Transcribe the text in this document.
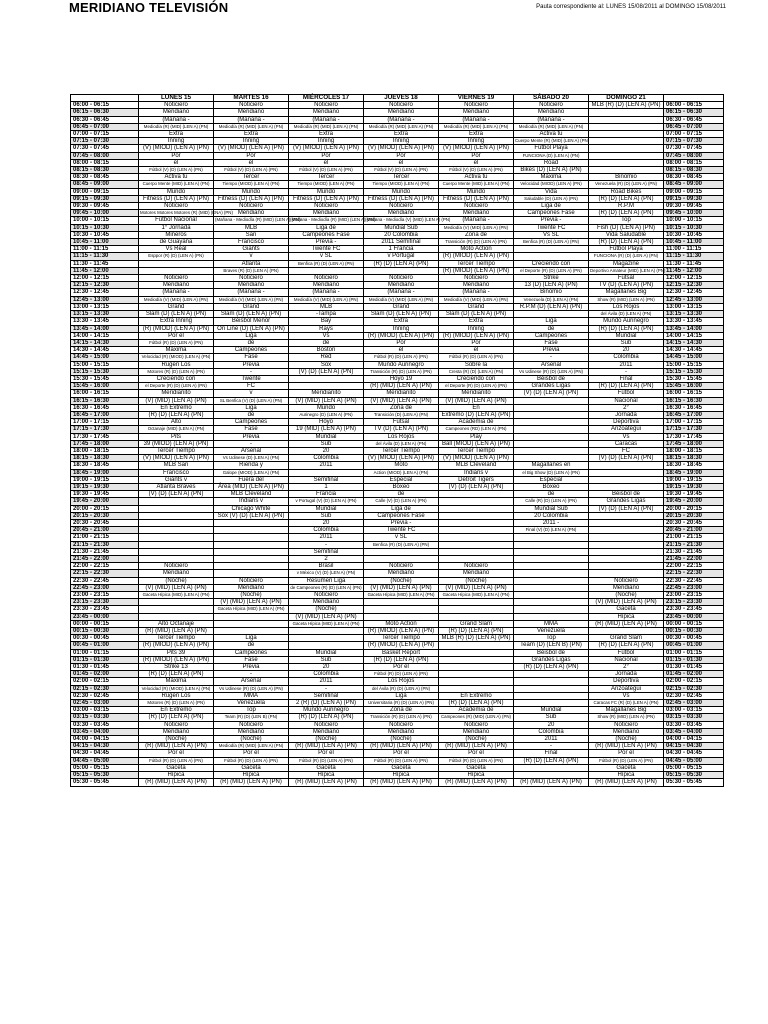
MERIDIANO TELEVISIÓN	Pauta correspondiente al: LUNES 15/08/2011 al DOMINGO 15/08/2011
	LUNES 15	MARTES 16	MIÉRCOLES 17	JUEVES 18	VIERNES 19	SÁBADO 20	DOMINGO 21	
06:00 - 06:15	Noticiero	Noticiero	Noticiero	Noticiero	Noticiero	Noticiero	MLB (R) (D) (LEN A) (PN)	06:00 - 06:15
06:15 - 06:30	Meridiano	Meridiano	Meridiano	Meridiano	Meridiano	Meridiano		06:15 - 06:30
06:30 - 06:45	(Mañana -	(Mañana -	(Mañana -	(Mañana -	(Mañana -	(Mañana -		06:30 - 06:45
06:45 - 07:00	Mediodía (R) (MID) (LEN A) (PN)	Mediodía (R) (MID) (LEN A) (PN)	Mediodía (R) (MID) (LEN A) (PN)	Mediodía (R) (MID) (LEN A) (PN)	Mediodía (R) (MID) (LEN A) (PN)	Mediodía (R) (MID) (LEN A) (PN)		06:45 - 07:00
07:00 - 07:15	Extra	Extra	Extra	Extra	Extra	Activa tu		07:00 - 07:15
07:15 - 07:30	Inning	Inning	Inning	Inning	Inning	Cuerpo Mente (R) (MID) (LEN A) (PN)		07:15 - 07:30
07:30 - 07:45	(V) (MIOD) (LEN A) (PN)	(V) (MIOD) (LEN A) (PN)	(V) (MIOD) (LEN A) (PN)	(V) (MIOD) (LEN A) (PN)	(V) (MIOD) (LEN A) (PN)	Fútbol Playa		07:30 - 07:45
07:45 - 08:00	Por	Por	Por	Por	Por	FUNCIONA (D) (LEN A) (PN)		07:45 - 08:00
08:00 - 08:15	el	el	el	el	el	Road		08:00 - 08:15
08:15 - 08:30	Fútbol (V) (D) (LEN A) (PN)	Fútbol (V) (D) (LEN A) (PN)	Fútbol (V) (D) (LEN A) (PN)	Fútbol (V) (D) (LEN A) (PN)	Fútbol (V) (D) (LEN A) (PN)	Bikes (D) (LEN A) (PN)		08:15 - 08:30
08:30 - 08:45	Activa tu	Tercer	Tercer	Tercer	Activa tu	Máxima	Binomio	08:30 - 08:45
08:45 - 09:00	Cuerpo Mente (MID) (LEN A) (PN)	Tiempo (MIOD) (LEN A) (PN)	Tiempo (MIOD) (LEN A) (PN)	Tiempo (MIOD) (LEN A) (PN)	Cuerpo Mente (MID) (LEN A) (PN)	Velocidad (MIOD) (LEN A) (PN)	Venezuela (R) (D) (LEN A) (PN)	08:45 - 09:00
09:00 - 09:15	Mundo	Mundo	Mundo	Mundo	Mundo	Vida	Road Bikes	09:00 - 09:15
09:15 - 09:30	Fitness (D) (LEN A) (PN)	Fitness (D) (LEN A) (PN)	Fitness (D) (LEN A) (PN)	Fitness (D) (LEN A) (PN)	Fitness (D) (LEN A) (PN)	Saludable (D) (LEN A) (PN)	(R) (D) (LEN A) (PN)	09:15 - 09:30
09:30 - 09:45	Noticiero	Noticiero	Noticiero	Noticiero	Noticiero	Liga de	R.P.M	09:30 - 09:45
09:45 - 10:00	Motores Motores Motores (R) (MID) (ENA) (PN)	Meridiano	Meridiano	Meridiano	Meridiano	Campeones Fase	(R) (D) (LEN A) (PN)	09:45 - 10:00
10:00 - 10:15	Fútbol Nacional	(Mañana - Mediodía (R) (MID) (LEN A) (PN)	(Mañana - Mediodía (R) (MID) (LEN A) (PN)	(Mañana - Mediodía (V) (MID) (LEN A) (PN)	(Mañana -	Previa -	Top	10:00 - 10:15
10:15 - 10:30	1° Jornada	MLB	Liga de	Mundial Sub	Mediodía (V) (MID) (LEN A) (PN)	Twente FC	Fish (D) (LEN A) (PN)	10:15 - 10:30
10:30 - 10:45	Mineros	San	Campeones Fase	20 Colombia	Zona de	Vs SL	Vida Saludable	10:30 - 10:45
10:45 - 11:00	de Guayana	Francisco	Previa -	2011 Semifinal	Transición (R) (D) (LEN A) (PN)	Benfica (R) (D) (LEN A) (PN)	(R) (D) (LEN A) (PN)	10:45 - 11:00
11:00 - 11:15	Vs Real	Giants	Twente FC	1 Francia	Moto Action		Fútbol Playa	11:00 - 11:15
11:15 - 11:30	Esppor (R) (D) (LEN A) (PN)	v	v SL	v Portugal	(R) (MIOD) (LEN A) (PN)		FUNCIONA (R) (D) (LEN A) (PN)	11:15 - 11:30
11:30 - 11:45		Atlanta	Benfica (R) (D) (LEN A) (PN)	(R) (D) (LEN A) (PN)	Tercer Tiempo	Creciendo con	Magazine	11:30 - 11:45
11:45 - 12:00		Braves (R) (D) (LEN A) (PN)			(R) (MIOD) (LEN A) (PN)	el Deporte (R) (D) (LEN A) (PN)	Deportivo Amateur (MID) (LEN A) (PN)	11:45 - 12:00
12:00 - 12:15	Noticiero	Noticiero	Noticiero	Noticiero	Noticiero	Strike	Futsal	12:00 - 12:15
12:15 - 12:30	Meridiano	Meridiano	Meridiano	Meridiano	Meridiano	13 (D) (LEN A) (PN)	TV (D) (LEN A) (PN)	12:15 - 12:30
12:30 - 12:45	(Mañana -	(Mañana -	(Mañana -	(Mañana -	(Mañana -	Binomio	Magallanes Big	12:30 - 12:45
12:45 - 13:00	Mediodía (V) (MID) (LEN A) (PN)	Mediodía (V) (MID) (LEN A) (PN)	Mediodía (V) (MID) (LEN A) (PN)	Mediodía (V) (MID) (LEN A) (PN)	Mediodía (V) (MID) (LEN A) (PN)	Venezuela (D) (LEN A) (PN)	Show (R) (MID) (LEN A) (PN)	12:45 - 13:00
13:00 - 13:15	Grand	Grand	MLB	Grand	Grand	R.P.M (D) (LEN A) (PN)	Los Rojos	13:00 - 13:15
13:15 - 13:30	Slam (D) (LEN A) (PN)	Slam (D) (LEN A) (PN)	-Tampa	Slam (D) (LEN A) (PN)	Slam (D) (LEN A) (PN)		del Ávila (D) (LEN A) (PN)	13:15 - 13:30
13:30 - 13:45	Extra Inning	Béisbol Menor	Bay	Extra	Extra	Liga	Mundo Aurinegro	13:30 - 13:45
13:45 - 14:00	(R) (MIOD) (LEN A) (PN)	On Line (D) (LEN A) (PN)	Rays	Inning	Inning	de	(R) (D) (LEN A) (PN)	13:45 - 14:00
14:00 - 14:15	Por el	Liga	Vs	(R) (MIOD) (LEN A) (PN)	(R) (MIOD) (LEN A) (PN)	Campeones	Mundial	14:00 - 14:15
14:15 - 14:30	Fútbol (R) (D) (LEN A) (PN)	de	de	Por	Por	Fase	Sub	14:15 - 14:30
14:30 - 14:45	Máxima	Campeones	Boston	el	el	Previa	20	14:30 - 14:45
14:45 - 15:00	Velocidad (R) (MIOD) (LEN A) (PN)	Fase	Red	Fútbol (R) (D) (LEN A) (PN)	Fútbol (R) (D) (LEN A) (PN)	-	Colombia	14:45 - 15:00
15:00 - 15:15	Rugen Los	Previa	Sox	Mundo Aurinegro	Sobre la	Arsenal	2011	15:00 - 15:15
15:15 - 15:30	Motores (R) (D) (LEN A) (PN)	-	(V) (D) (LEN A) (PN)	Transición (R) (D) (LEN A) (PN)	Cresta (R) (D) (LEN A) (PN)	Vs Udinese (R) (D) (LEN A) (PN)	-	15:15 - 15:30
15:30 - 15:45	Creciendo con	Twente		Hoyo 19	Creciendo con	Béisbol de	Final	15:30 - 15:45
15:45 - 16:00	el Deporte (R) (D) (LEN A) (PN)	FC		(R) (MID) (LEN A) (PN)	el Deporte (R) (D) (LEN A) (PN)	Grandes Ligas	(R) (D) (LEN A) (PN)	15:45 - 16:00
16:00 - 16:15	Meridianito	v	Meridianito	Meridianito	Meridianito	(V) (D) (LEN A) (PN)	Fútbol	16:00 - 16:15
16:15 - 16:30	(V) (MID) (LEN A) (PN)	SL Benfica (V) (D) (LEN A) (PN)	(V) (MID) (LEN A) (PN)	(V) (MID) (LEN A) (PN)	(V) (MID) (LEN A) (PN)		Nacional	16:15 - 16:30
16:30 - 16:45	En Extremo	Liga	Mundo	Zona de	En		2°	16:30 - 16:45
16:45 - 17:00	(R) (D) (LEN A) (PN)	de	Aurinegro (D) (LEN A) (PN)	Transición (D) (LEN A) (PN)	Extremo (D) (LEN A) (PN)		Jornada	16:45 - 17:00
17:00 - 17:15	Alto	Campeones	Hoyo	Futsal	Academia de		Deportiva	17:00 - 17:15
17:15 - 17:30	Octanaje (MID) (LEN A) (PN)	Fase	19 (MID) (LEN A) (PN)	TV (D) (LEN A) (PN)	Campeones (RD) (LEN A) (PN)		Anzoátegui	17:15 - 17:30
17:30 - 17:45	Pits	Previa	Mundial	Los Rojos	Play		Vs	17:30 - 17:45
17:45 - 18:00	39 (MIOD) (LEN A) (PN)	-	Sub	del Ávila (D) (LEN A) (PN)	Ball (MIOD) (LEN A) (PN)		Caracas	17:45 - 18:00
18:00 - 18:15	Tercer Tiempo	Arsenal	20	Tercer Tiempo	Tercer Tiempo		FC	18:00 - 18:15
18:15 - 18:30	(V) (MIOD) (LEN A) (PN)	Vs Udinese (D) (LEN A) (PN)	Colombia	(V) (MIOD) (LEN A) (PN)	(V) (MIOD) (LEN A) (PN)		(V) (D) (LEN A) (PN)	18:15 - 18:30
18:30 - 18:45	MLB San	Rienda y	2011	Moto	MLB Cleveland	Magallanes en		18:30 - 18:45
18:45 - 19:00	Francisco	Galope (MIOD) (LEN A) (PN)		Action (MIOD) (LEN A) (PN)	Indians v	el Big Show (D) (LEN A) (PN)		18:45 - 19:00
19:00 - 19:15	Giants v	Fuera del	Semifinal	Especial	Detroit Tigers	Especial		19:00 - 19:15
19:15 - 19:30	Atlanta Braves	Área (MID) (LEN A) (PN)	1	Boxeo	(V) (D) (LEN A) (PN)	Boxeo		19:15 - 19:30
19:30 - 19:45	(V) (D) (LEN A) (PN)	MLB Cleveland	Francia	de		de	Béisbol de	19:30 - 19:45
19:45 - 20:00		Indians v	v Portugal (V) (D) (LEN A) (PN)	Calle (V) (D) (LEN A) (PN)		Calle (R) (D) (LEN A) (PN)	Grandes Ligas	19:45 - 20:00
20:00 - 20:15		Chicago White	Mundial	Liga de		Mundial Sub	(V) (D) (LEN A) (PN)	20:00 - 20:15
20:15 - 20:30		Sox (V) (D) (LEN A) (PN)	Sub	Campeones Fase		20 Colombia		20:15 - 20:30
20:30 - 20:45			20	Previa -		2011 -		20:30 - 20:45
20:45 - 21:00			Colombia	Twente FC		Final (V) (D) (LEN A) (PN)		20:45 - 21:00
21:00 - 21:15			2011	v SL				21:00 - 21:15
21:15 - 21:30			-	Benfica (R) (D) (LEN A) (PN)				21:15 - 21:30
21:30 - 21:45			Semifinal					21:30 - 21:45
21:45 - 22:00			2					21:45 - 22:00
22:00 - 22:15	Noticiero		Brasil	Noticiero	Noticiero			22:00 - 22:15
22:15 - 22:30	Meridiano		v México (V) (D) (LEN A) (PN)	Meridiano	Meridiano			22:15 - 22:30
22:30 - 22:45	(Noche)	Noticiero	Resumen Liga	(Noche)	(Noche)		Noticiero	22:30 - 22:45
22:45 - 23:00	(V) (MID) (LEN A) (PN)	Meridiano	de Campeones (R) (D) (LEN A) (PN)	(V) (MID) (LEN A) (PN)	(V) (MID) (LEN A) (PN)		Meridiano	22:45 - 23:00
23:00 - 23:15	Gaceta Hípica (MID) (LEN A) (PN)	(Noche)	Noticiero	Gaceta Hípica (MID) (LEN A) (PN)	Gaceta Hípica (MID) (LEN A) (PN)		(Noche)	23:00 - 23:15
23:15 - 23:30		(V) (MID) (LEN A) (PN)	Meridiano				(V) (MID) (LEN A) (PN)	23:15 - 23:30
23:30 - 23:45		Gaceta Hípica (MID) (LEN A) (PN)	(Noche)				Gaceta	23:30 - 23:45
23:45 - 00:00			(V) (MID) (LEN A) (PN)				Hípica	23:45 - 00:00
00:00 - 00:15	Alto Octanaje		Gaceta Hípica (MID) (LEN A) (PN)	Moto Action	Grand Slam	MMA	(R) (MID) (LEN A) (PN)	00:00 - 00:15
00:15 - 00:30	(R) (MID) (LEN A) (PN)			(R) (MIOD) (LEN A) (PN)	(R) (D) (LEN A) (PN)	Venezuela		00:15 - 00:30
00:30 - 00:45	Tercer Tiempo	Liga		Tercer Tiempo	MLB (R) (D) (LEN A) (PN)	Top	Grand Slam	00:30 - 00:45
00:45 - 01:00	(R) (MIOD) (LEN A) (PN)	de		(R) (MIOD) (LEN A) (PN)		Team (D) (LEN B) (PN)	(R) (D) (LEN A) (PN)	00:45 - 01:00
01:00 - 01:15	Pits 39	Campeones	Mundial	Basket Report		Béisbol de	Fútbol	01:00 - 01:15
01:15 - 01:30	(R) (MIOD) (LEN A) (PN)	Fase	Sub	(R) (D) (LEN A) (PN)		Grandes Ligas	Nacional	01:15 - 01:30
01:30 - 01:45	Strike 13	Previa	20	Por el		(R) (D) (LEN A) (PN)	2°	01:30 - 01:45
01:45 - 02:00	(R) (D) (LEN A) (PN)	-	Colombia	Fútbol (R) (D) (LEN A) (PN)			Jornada	01:45 - 02:00
02:00 - 02:15	Máxima	Arsenal	2011	Los Rojos			Deportiva	02:00 - 02:15
02:15 - 02:30	Velocidad (R) (MIOD) (LEN A) (PN)	Vs Udinese (R) (D) (LEN A) (PN)	-	del Ávila (R) (D) (LEN A) (PN)			Anzoátegui	02:15 - 02:30
02:30 - 02:45	Rugen Los	MMA	Semifinal	Liga	En Extremo		Vs	02:30 - 02:45
02:45 - 03:00	Motores (R) (D) (LEN A) (PN)	Venezuela	2 (R) (D) (LEN A) (PN)	Universitaria (R) (D) (LEN A) (PN)	(R) (D) (LEN A) (PN)		Caracas FC (R) (D) (LEN A) (PN)	02:45 - 03:00
03:00 - 03:15	En Extremo	Top	Mundo Aurinegro	Zona de	Academia de	Mundial	Magallanes Big	03:00 - 03:15
03:15 - 03:30	(R) (D) (LEN A) (PN)	Team (R) (D) (LEN B) (PN)	(R) (D) (LEN A) (PN)	Transición (R) (D) (LEN A) (PN)	Campeones (R) (MID) (LEN A) (PN)	Sub	Show (R) (MID) (LEN A) (PN)	03:15 - 03:30
03:30 - 03:45	Noticiero	Noticiero	Noticiero	Noticiero	Noticiero	20	Noticiero	03:30 - 03:45
03:45 - 04:00	Meridiano	Meridiano	Meridiano	Meridiano	Meridiano	Colombia	Meridiano	03:45 - 04:00
04:00 - 04:15	(Noche)	(Noche)	(Noche)	(Noche)	(Noche)	2011	(Noche)	04:00 - 04:15
04:15 - 04:30	(R) (MID) (LEN A) (PN)	Mediodía (R) (MID) (LEN A) (PN)	(R) (MID) (LEN A) (PN)	(R) (MID) (LEN A) (PN)	(R) (MID) (LEN A) (PN)	-	(R) (MID) (LEN A) (PN)	04:15 - 04:30
04:30 - 04:45	Por el	Por el	Por el	Por el	Por el	Final	Por el	04:30 - 04:45
04:45 - 05:00	Fútbol (R) (D) (LEN A) (PN)	Fútbol (R) (D) (LEN A) (PN)	Fútbol (R) (D) (LEN A) (PN)	Fútbol (R) (D) (LEN A) (PN)	Fútbol (R) (D) (LEN A) (PN)	(R) (D) (LEN A) (PN)	Fútbol (R) (D) (LEN A) (PN)	04:45 - 05:00
05:00 - 05:15	Gaceta	Gaceta	Gaceta	Gaceta	Gaceta		Gaceta	05:00 - 05:15
05:15 - 05:30	Hípica	Hípica	Hípica	Hípica	Hípica		Hípica	05:15 - 05:30
05:30 - 05:45	(R) (MID) (LEN A) (PN)	(R) (MID) (LEN A) (PN)	(R) (MID) (LEN A) (PN)	(R) (MID) (LEN A) (PN)	(R) (MID) (LEN A) (PN)	(R) (MID) (LEN A) (PN)	(R) (MID) (LEN A) (PN)	05:30 - 05:45
